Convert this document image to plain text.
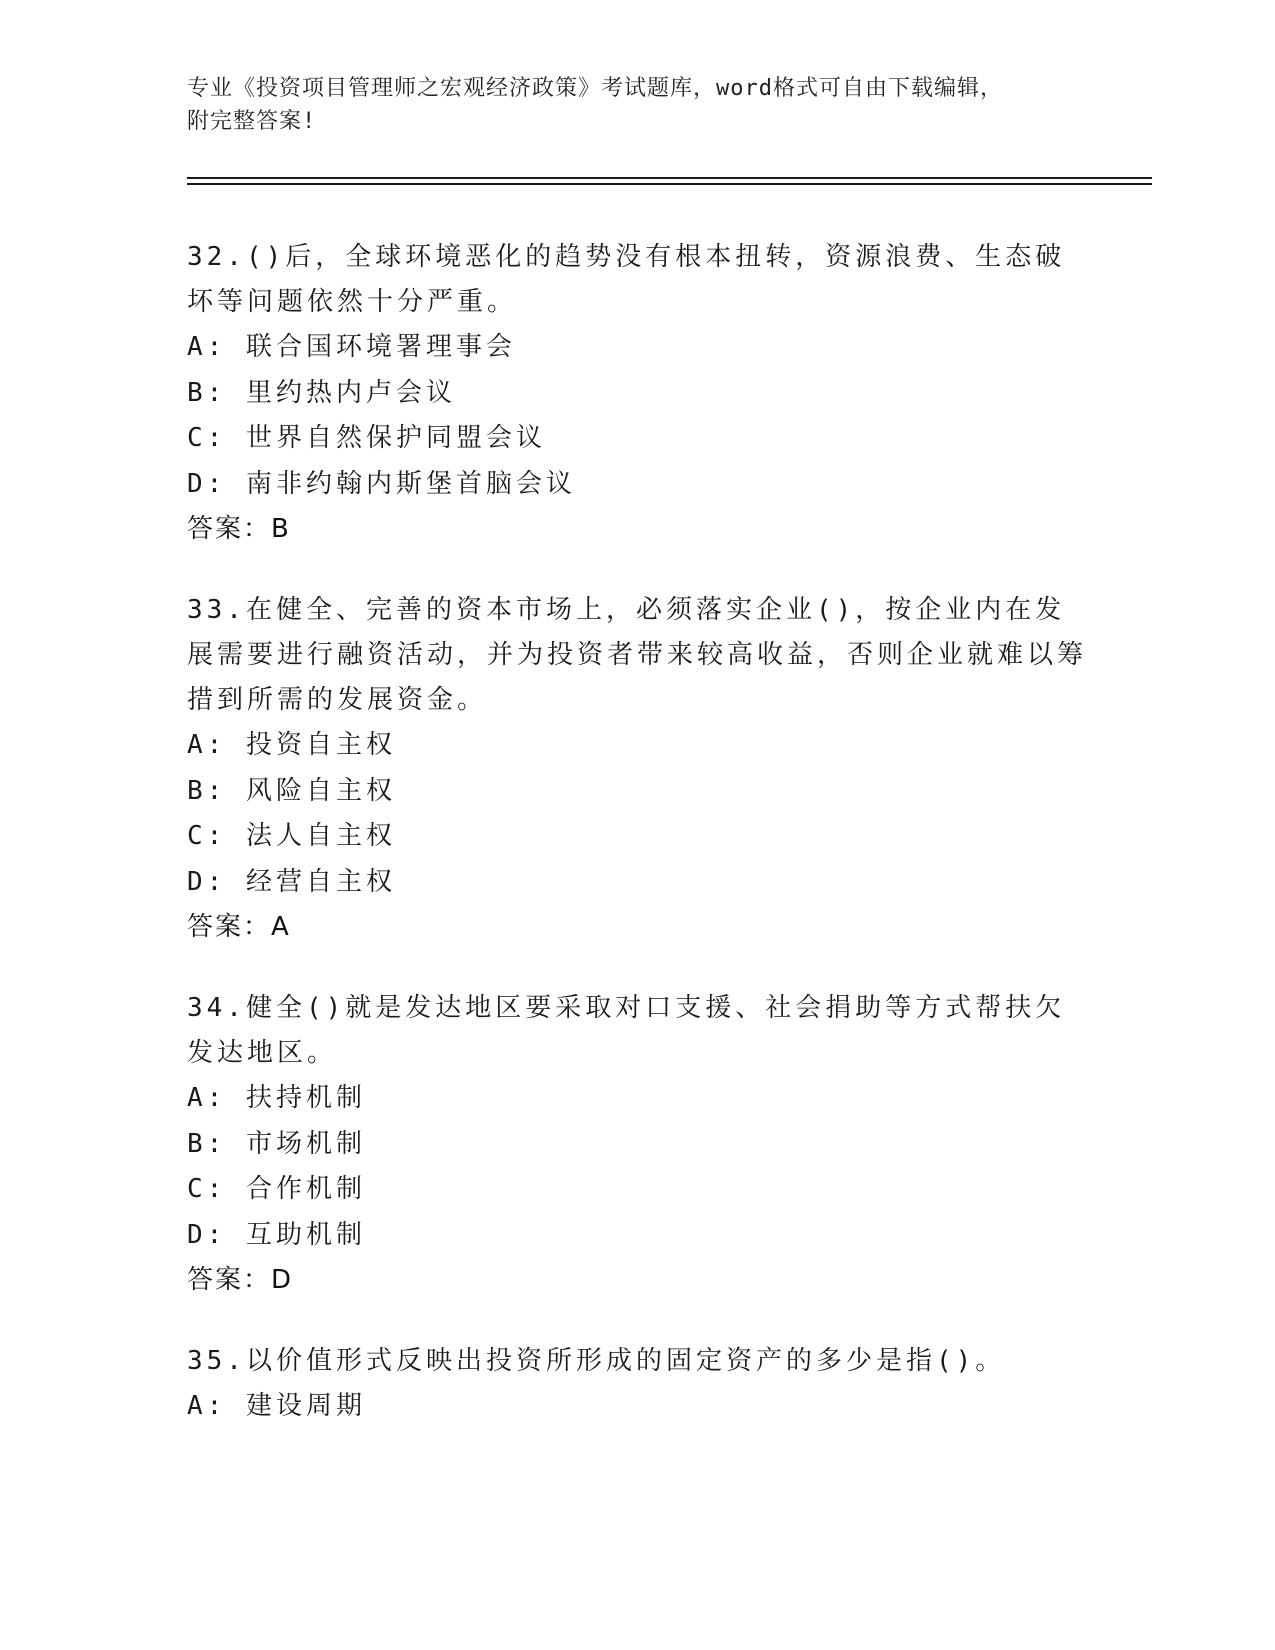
专业《投资项目管理师之宏观经济政策》考试题库，word格式可自由下载编辑，
附完整答案!
32.()后，全球环境恶化的趋势没有根本扭转，资源浪费、生态破坏等问题依然十分严重。
A: 联合国环境署理事会
B: 里约热内卢会议
C: 世界自然保护同盟会议
D: 南非约翰内斯堡首脑会议
答案：B
33.在健全、完善的资本市场上，必须落实企业()，按企业内在发展需要进行融资活动，并为投资者带来较高收益，否则企业就难以筹措到所需的发展资金。
A: 投资自主权
B: 风险自主权
C: 法人自主权
D: 经营自主权
答案：A
34.健全()就是发达地区要采取对口支援、社会捐助等方式帮扶欠发达地区。
A: 扶持机制
B: 市场机制
C: 合作机制
D: 互助机制
答案：D
35.以价值形式反映出投资所形成的固定资产的多少是指()。
A: 建设周期
